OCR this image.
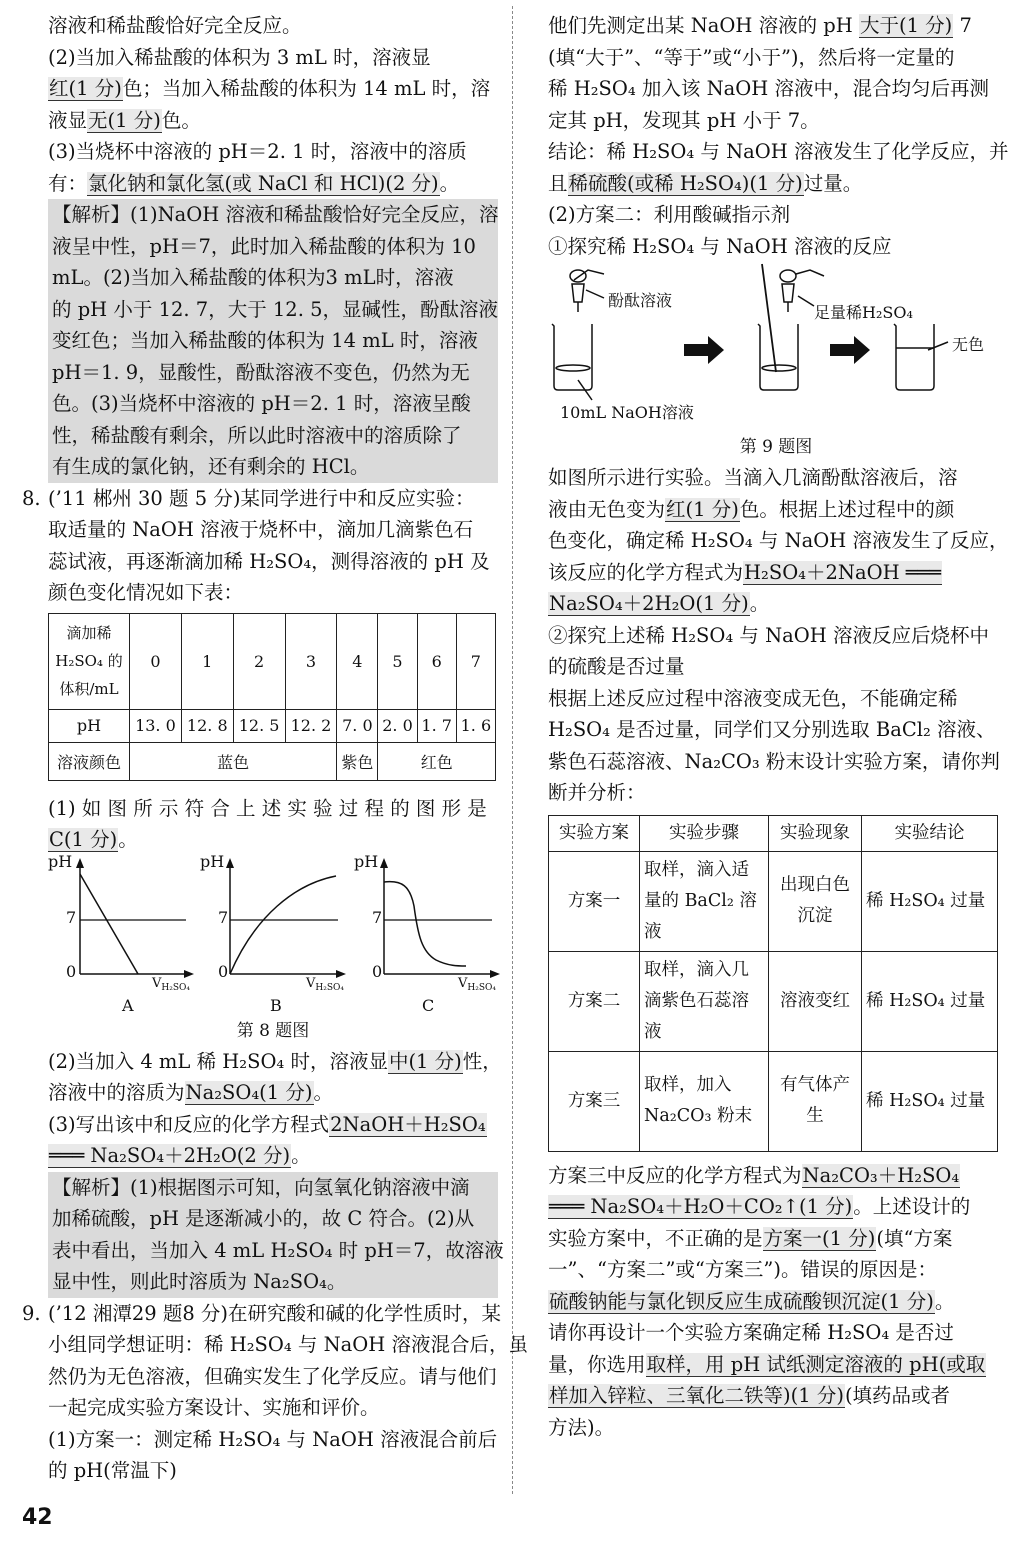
溶液和稀盐酸恰好完全反应。
(2)当加入稀盐酸的体积为 3 mL 时，溶液显
红(1 分)色；当加入稀盐酸的体积为 14 mL 时，溶
液显无(1 分)色。
(3)当烧杯中溶液的 pH＝2. 1 时，溶液中的溶质
有：氯化钠和氯化氢(或 NaCl 和 HCl)(2 分)。
【解析】(1)NaOH 溶液和稀盐酸恰好完全反应，溶
液呈中性，pH＝7，此时加入稀盐酸的体积为 10
mL。(2)当加入稀盐酸的体积为3 mL时，溶液
的 pH 小于 12. 7，大于 12. 5，显碱性，酚酞溶液
变红色；当加入稀盐酸的体积为 14 mL 时，溶液
pH＝1. 9，显酸性，酚酞溶液不变色，仍然为无
色。(3)当烧杯中溶液的 pH＝2. 1 时，溶液呈酸
性，稀盐酸有剩余，所以此时溶液中的溶质除了
有生成的氯化钠，还有剩余的 HCl。
8. (’11 郴州 30 题 5 分)某同学进行中和反应实验：
取适量的 NaOH 溶液于烧杯中，滴加几滴紫色石
蕊试液，再逐渐滴加稀 H₂SO₄，测得溶液的 pH 及
颜色变化情况如下表：
滴加稀 H₂SO₄ 的 体积/mL	0	1	2	3	4	5	6	7
pH	13. 0	12. 8	12. 5	12. 2	7. 0	2. 0	1. 7	1. 6
溶液颜色	蓝色				紫色	红色		
(1) 如 图 所 示 符 合 上 述 实 验 过 程 的 图 形 是
C(1 分)。
pH
7
0
$V_{H_2SO_4}$
A
pH
7
0
$V_{H_2SO_4}$
B
pH
7
0
$V_{H_2SO_4}$
C
第 8 题图
(2)当加入 4 mL 稀 H₂SO₄ 时，溶液显中(1 分)性，
溶液中的溶质为Na₂SO₄(1 分)。
(3)写出该中和反应的化学方程式2NaOH＋H₂SO₄
═══ Na₂SO₄＋2H₂O(2 分)。
【解析】(1)根据图示可知，向氢氧化钠溶液中滴
加稀硫酸，pH 是逐渐减小的，故 C 符合。(2)从
表中看出，当加入 4 mL H₂SO₄ 时 pH＝7，故溶液
显中性，则此时溶质为 Na₂SO₄。
9. (’12 湘潭29 题8 分)在研究酸和碱的化学性质时，某
小组同学想证明：稀 H₂SO₄ 与 NaOH 溶液混合后，虽
然仍为无色溶液，但确实发生了化学反应。请与他们
一起完成实验方案设计、实施和评价。
(1)方案一：测定稀 H₂SO₄ 与 NaOH 溶液混合前后
的 pH(常温下)
他们先测定出某 NaOH 溶液的 pH 大于(1 分) 7
(填“大于”、“等于”或“小于”)，然后将一定量的
稀 H₂SO₄ 加入该 NaOH 溶液中，混合均匀后再测
定其 pH，发现其 pH 小于 7。
结论：稀 H₂SO₄ 与 NaOH 溶液发生了化学反应，并
且稀硫酸(或稀 H₂SO₄)(1 分)过量。
(2)方案二：利用酸碱指示剂
①探究稀 H₂SO₄ 与 NaOH 溶液的反应
酚酞溶液
足量稀H₂SO₄
10mL NaOH溶液
无色
第 9 题图
如图所示进行实验。当滴入几滴酚酞溶液后，溶
液由无色变为红(1 分)色。根据上述过程中的颜
色变化，确定稀 H₂SO₄ 与 NaOH 溶液发生了反应，
该反应的化学方程式为H₂SO₄＋2NaOH ═══
Na₂SO₄＋2H₂O(1 分)。
②探究上述稀 H₂SO₄ 与 NaOH 溶液反应后烧杯中
的硫酸是否过量
根据上述反应过程中溶液变成无色，不能确定稀
H₂SO₄ 是否过量，同学们又分别选取 BaCl₂ 溶液、
紫色石蕊溶液、Na₂CO₃ 粉末设计实验方案，请你判
断并分析：
实验方案	实验步骤	实验现象	实验结论
方案一	取样，滴入适量的 BaCl₂ 溶液	出现白色沉淀	稀 H₂SO₄ 过量
方案二	取样，滴入几滴紫色石蕊溶液	溶液变红	稀 H₂SO₄ 过量
方案三	取样，加入 Na₂CO₃ 粉末	有气体产生	稀 H₂SO₄ 过量
方案三中反应的化学方程式为Na₂CO₃＋H₂SO₄
═══ Na₂SO₄＋H₂O＋CO₂↑(1 分)。上述设计的
实验方案中，不正确的是方案一(1 分)(填“方案
一”、“方案二”或“方案三”)。错误的原因是：
硫酸钠能与氯化钡反应生成硫酸钡沉淀(1 分)。
请你再设计一个实验方案确定稀 H₂SO₄ 是否过
量，你选用取样，用 pH 试纸测定溶液的 pH(或取
样加入锌粒、三氧化二铁等)(1 分)(填药品或者
方法)。
42
